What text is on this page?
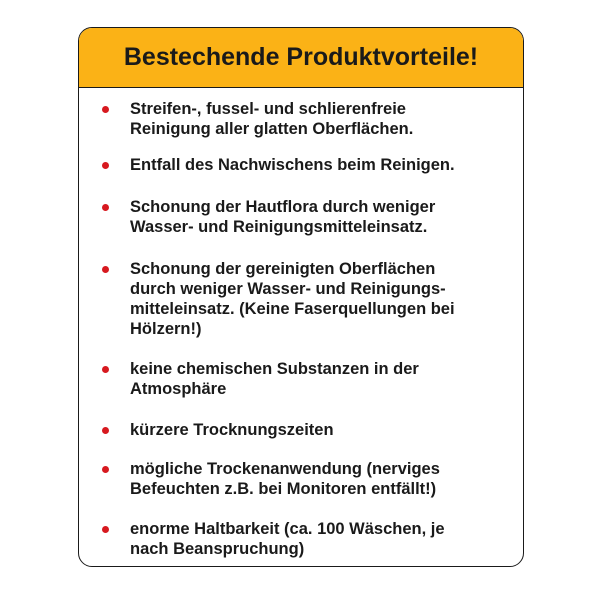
Bestechende Produktvorteile!
Streifen-, fussel- und schlierenfreie
Reinigung aller glatten Oberflächen.
Entfall des Nachwischens beim Reinigen.
Schonung der Hautflora durch weniger
Wasser- und Reinigungsmitteleinsatz.
Schonung der gereinigten Oberflächen
durch weniger Wasser- und Reinigungs-
mitteleinsatz. (Keine Faserquellungen bei
Hölzern!)
keine chemischen Substanzen in der
Atmosphäre
kürzere Trocknungszeiten
mögliche Trockenanwendung (nerviges
Befeuchten z.B. bei Monitoren entfällt!)
enorme Haltbarkeit (ca. 100 Wäschen, je
nach Beanspruchung)
